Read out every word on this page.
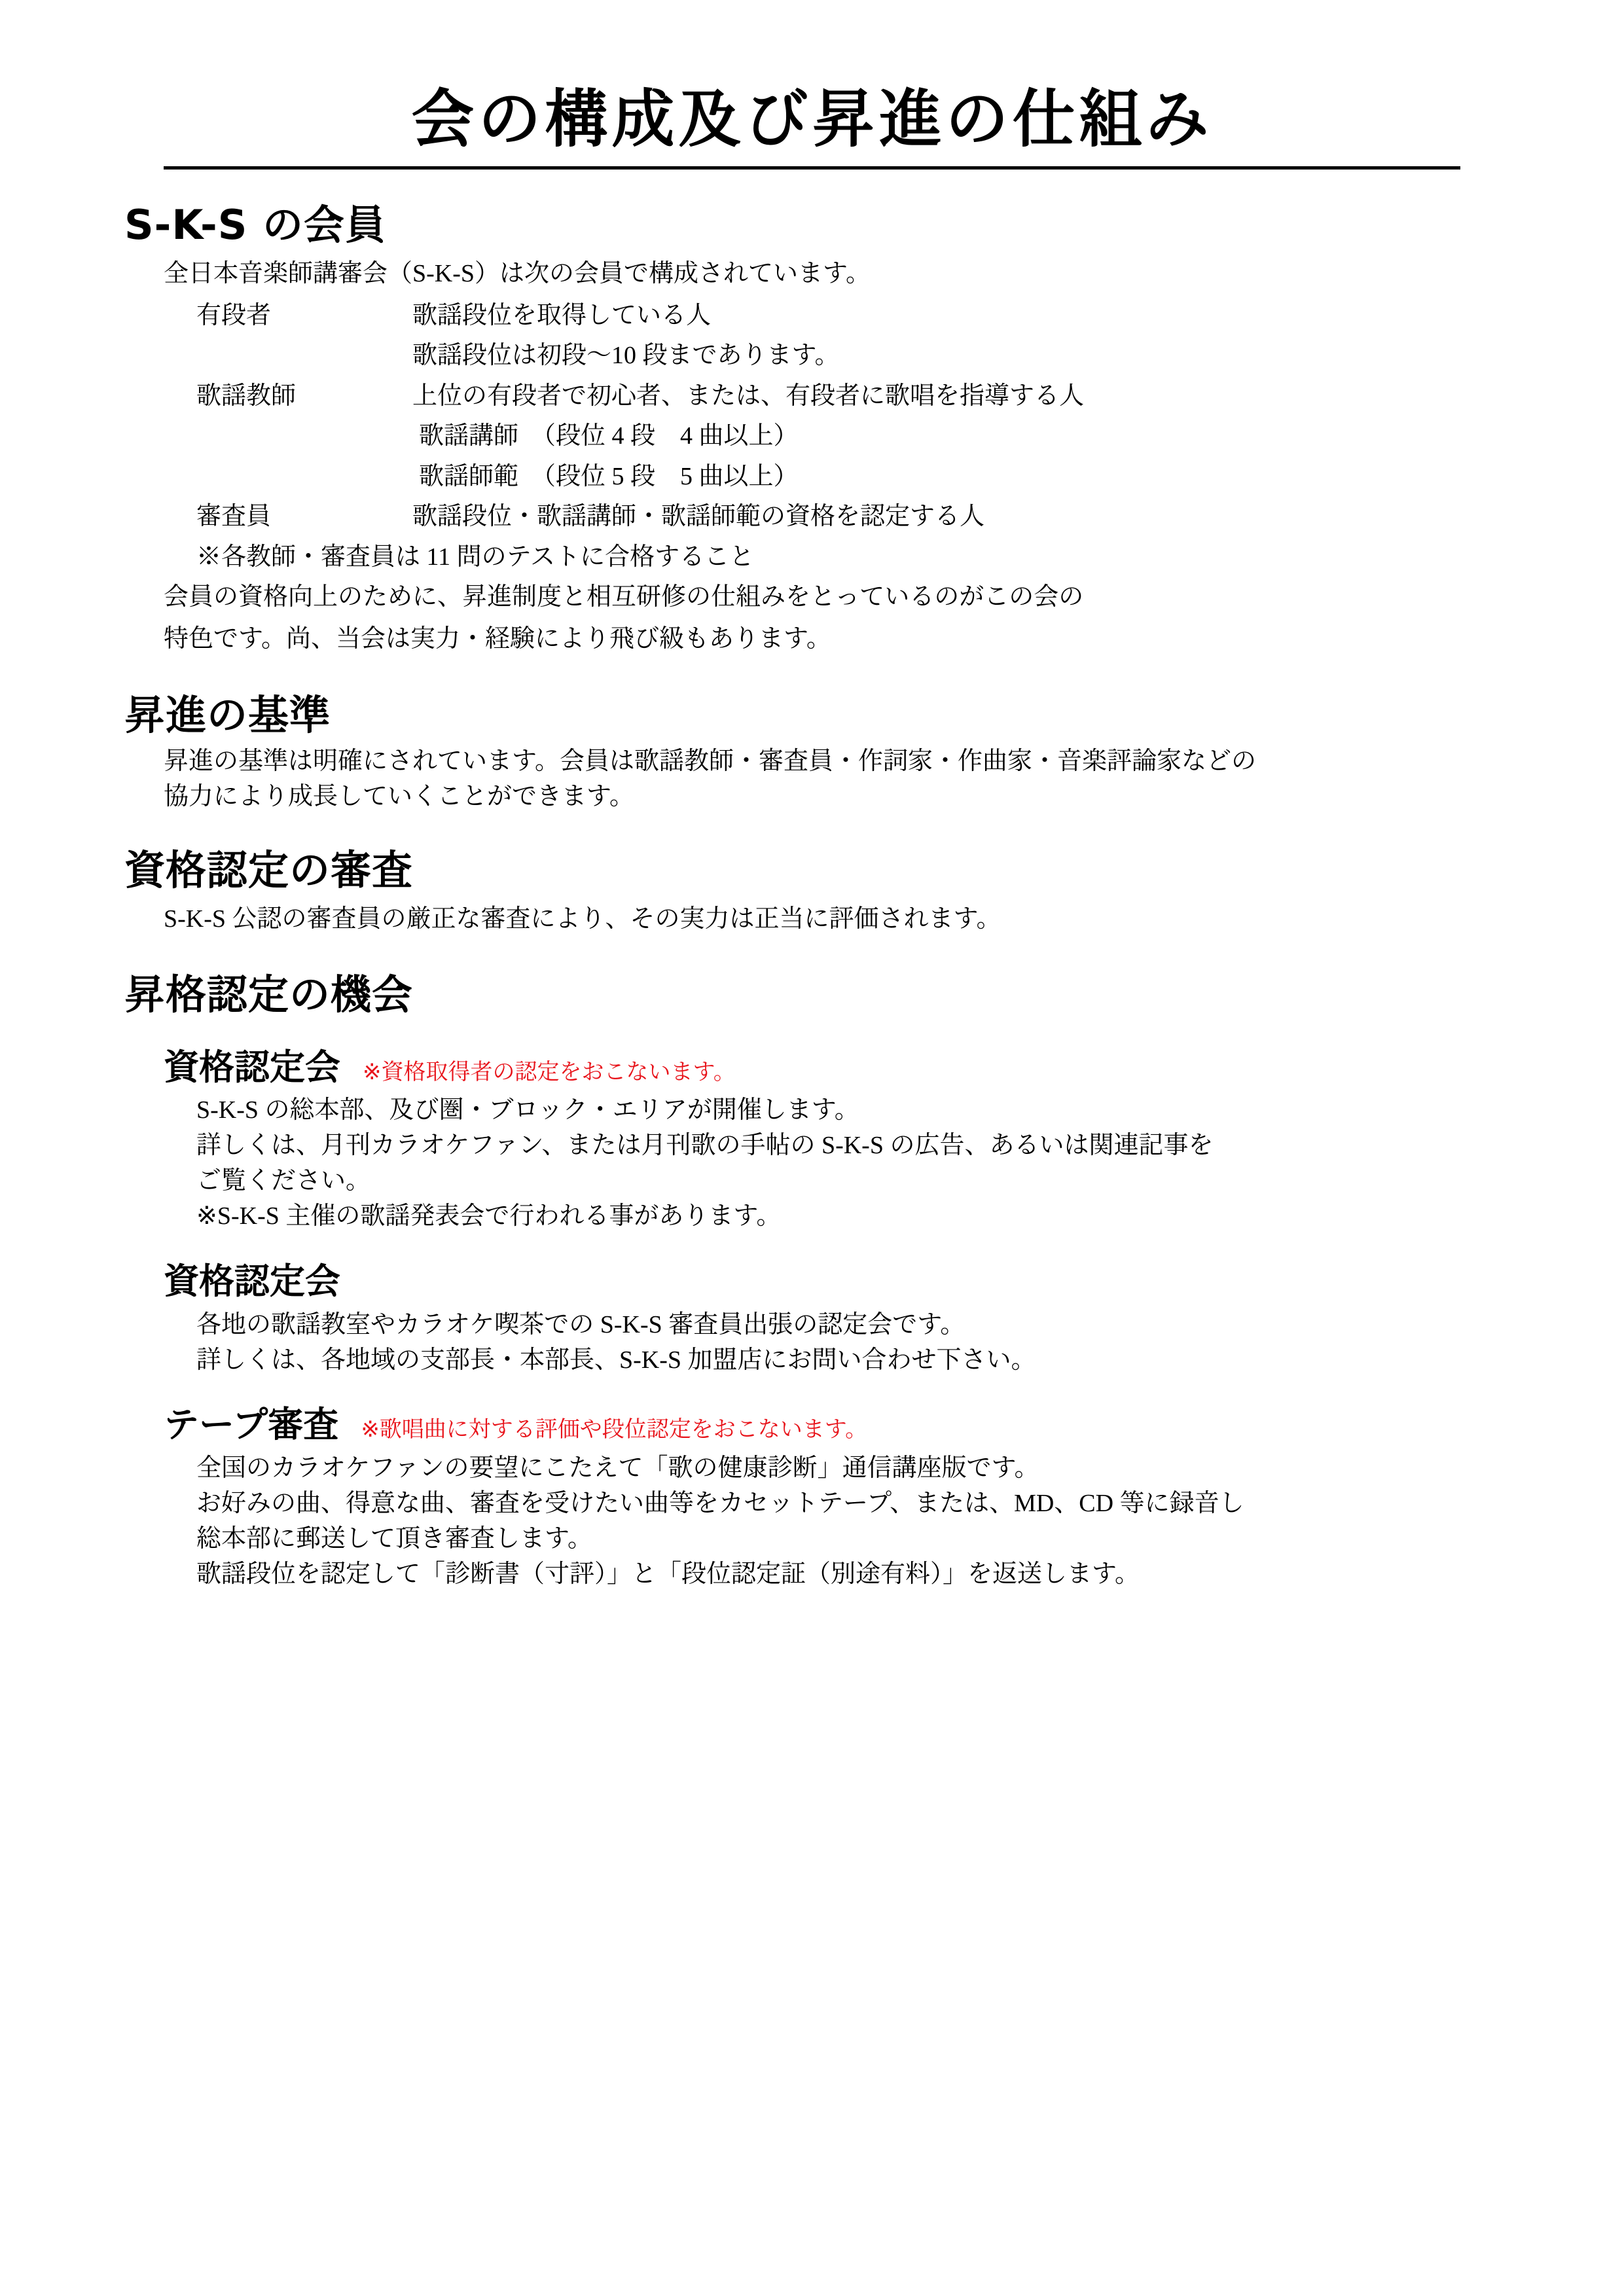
会の構成及び昇進の仕組み
S-K-S の会員
全日本音楽師講審会（S-K-S）は次の会員で構成されています。
有段者	歌謡段位を取得している人
歌謡段位は初段〜10 段まであります。
歌謡教師	上位の有段者で初心者、または、有段者に歌唱を指導する人
歌謡講師　（段位 4 段　4 曲以上）
歌謡師範　（段位 5 段　5 曲以上）
審査員	歌謡段位・歌謡講師・歌謡師範の資格を認定する人
※各教師・審査員は 11 問のテストに合格すること
会員の資格向上のために、昇進制度と相互研修の仕組みをとっているのがこの会の
特色です。尚、当会は実力・経験により飛び級もあります。
昇進の基準
昇進の基準は明確にされています。会員は歌謡教師・審査員・作詞家・作曲家・音楽評論家などの
協力により成長していくことができます。
資格認定の審査
S-K-S 公認の審査員の厳正な審査により、その実力は正当に評価されます。
昇格認定の機会
資格認定会 ※資格取得者の認定をおこないます。
S-K-S の総本部、及び圏・ブロック・エリアが開催します。
詳しくは、月刊カラオケファン、または月刊歌の手帖の S-K-S の広告、あるいは関連記事を
ご覧ください。
※S-K-S 主催の歌謡発表会で行われる事があります。
資格認定会
各地の歌謡教室やカラオケ喫茶での S-K-S 審査員出張の認定会です。
詳しくは、各地域の支部長・本部長、S-K-S 加盟店にお問い合わせ下さい。
テープ審査 ※歌唱曲に対する評価や段位認定をおこないます。
全国のカラオケファンの要望にこたえて「歌の健康診断」通信講座版です。
お好みの曲、得意な曲、審査を受けたい曲等をカセットテープ、または、MD、CD 等に録音し
総本部に郵送して頂き審査します。
歌謡段位を認定して「診断書（寸評）」と「段位認定証（別途有料）」を返送します。
